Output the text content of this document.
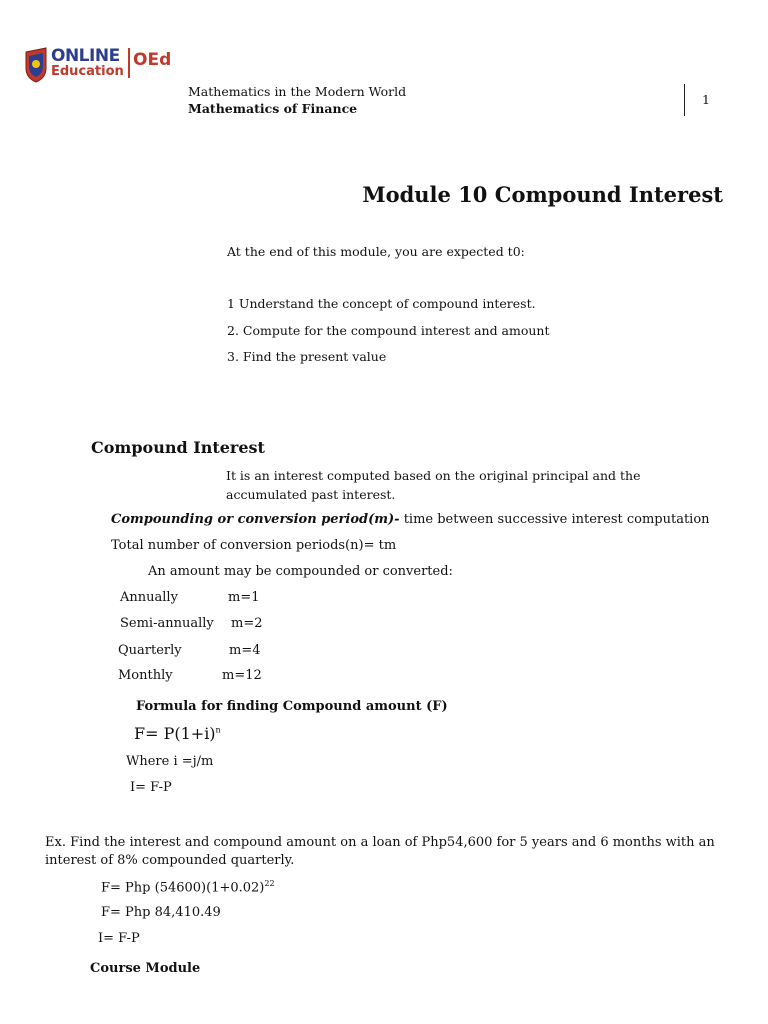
ONLINE
Education
OEd
Mathematics in the Modern World
Mathematics of Finance
1
Module 10 Compound Interest
At the end of this module, you are expected t0:
1 Understand the concept of compound interest.
2. Compute for the compound interest and amount
3. Find the present value
Compound Interest
It is an interest computed based on the original principal and the
accumulated past interest.
Compounding or conversion period(m)- time between successive interest computation
Total number of conversion periods(n)= tm
An amount may be compounded or converted:
Annually	m=1
Semi-annually m=2
Quarterly	m=4
Monthly	m=12
Formula for finding Compound amount (F)
$F= P(1+i)^n$
Where i =j/m
I= F-P
Ex. Find the interest and compound amount on a loan of Php54,600 for 5 years and 6 months with an
interest of 8% compounded quarterly.
F= Php $(54600)(1+0.02)^{22}$
F= Php 84,410.49
I= F-P
Course Module
